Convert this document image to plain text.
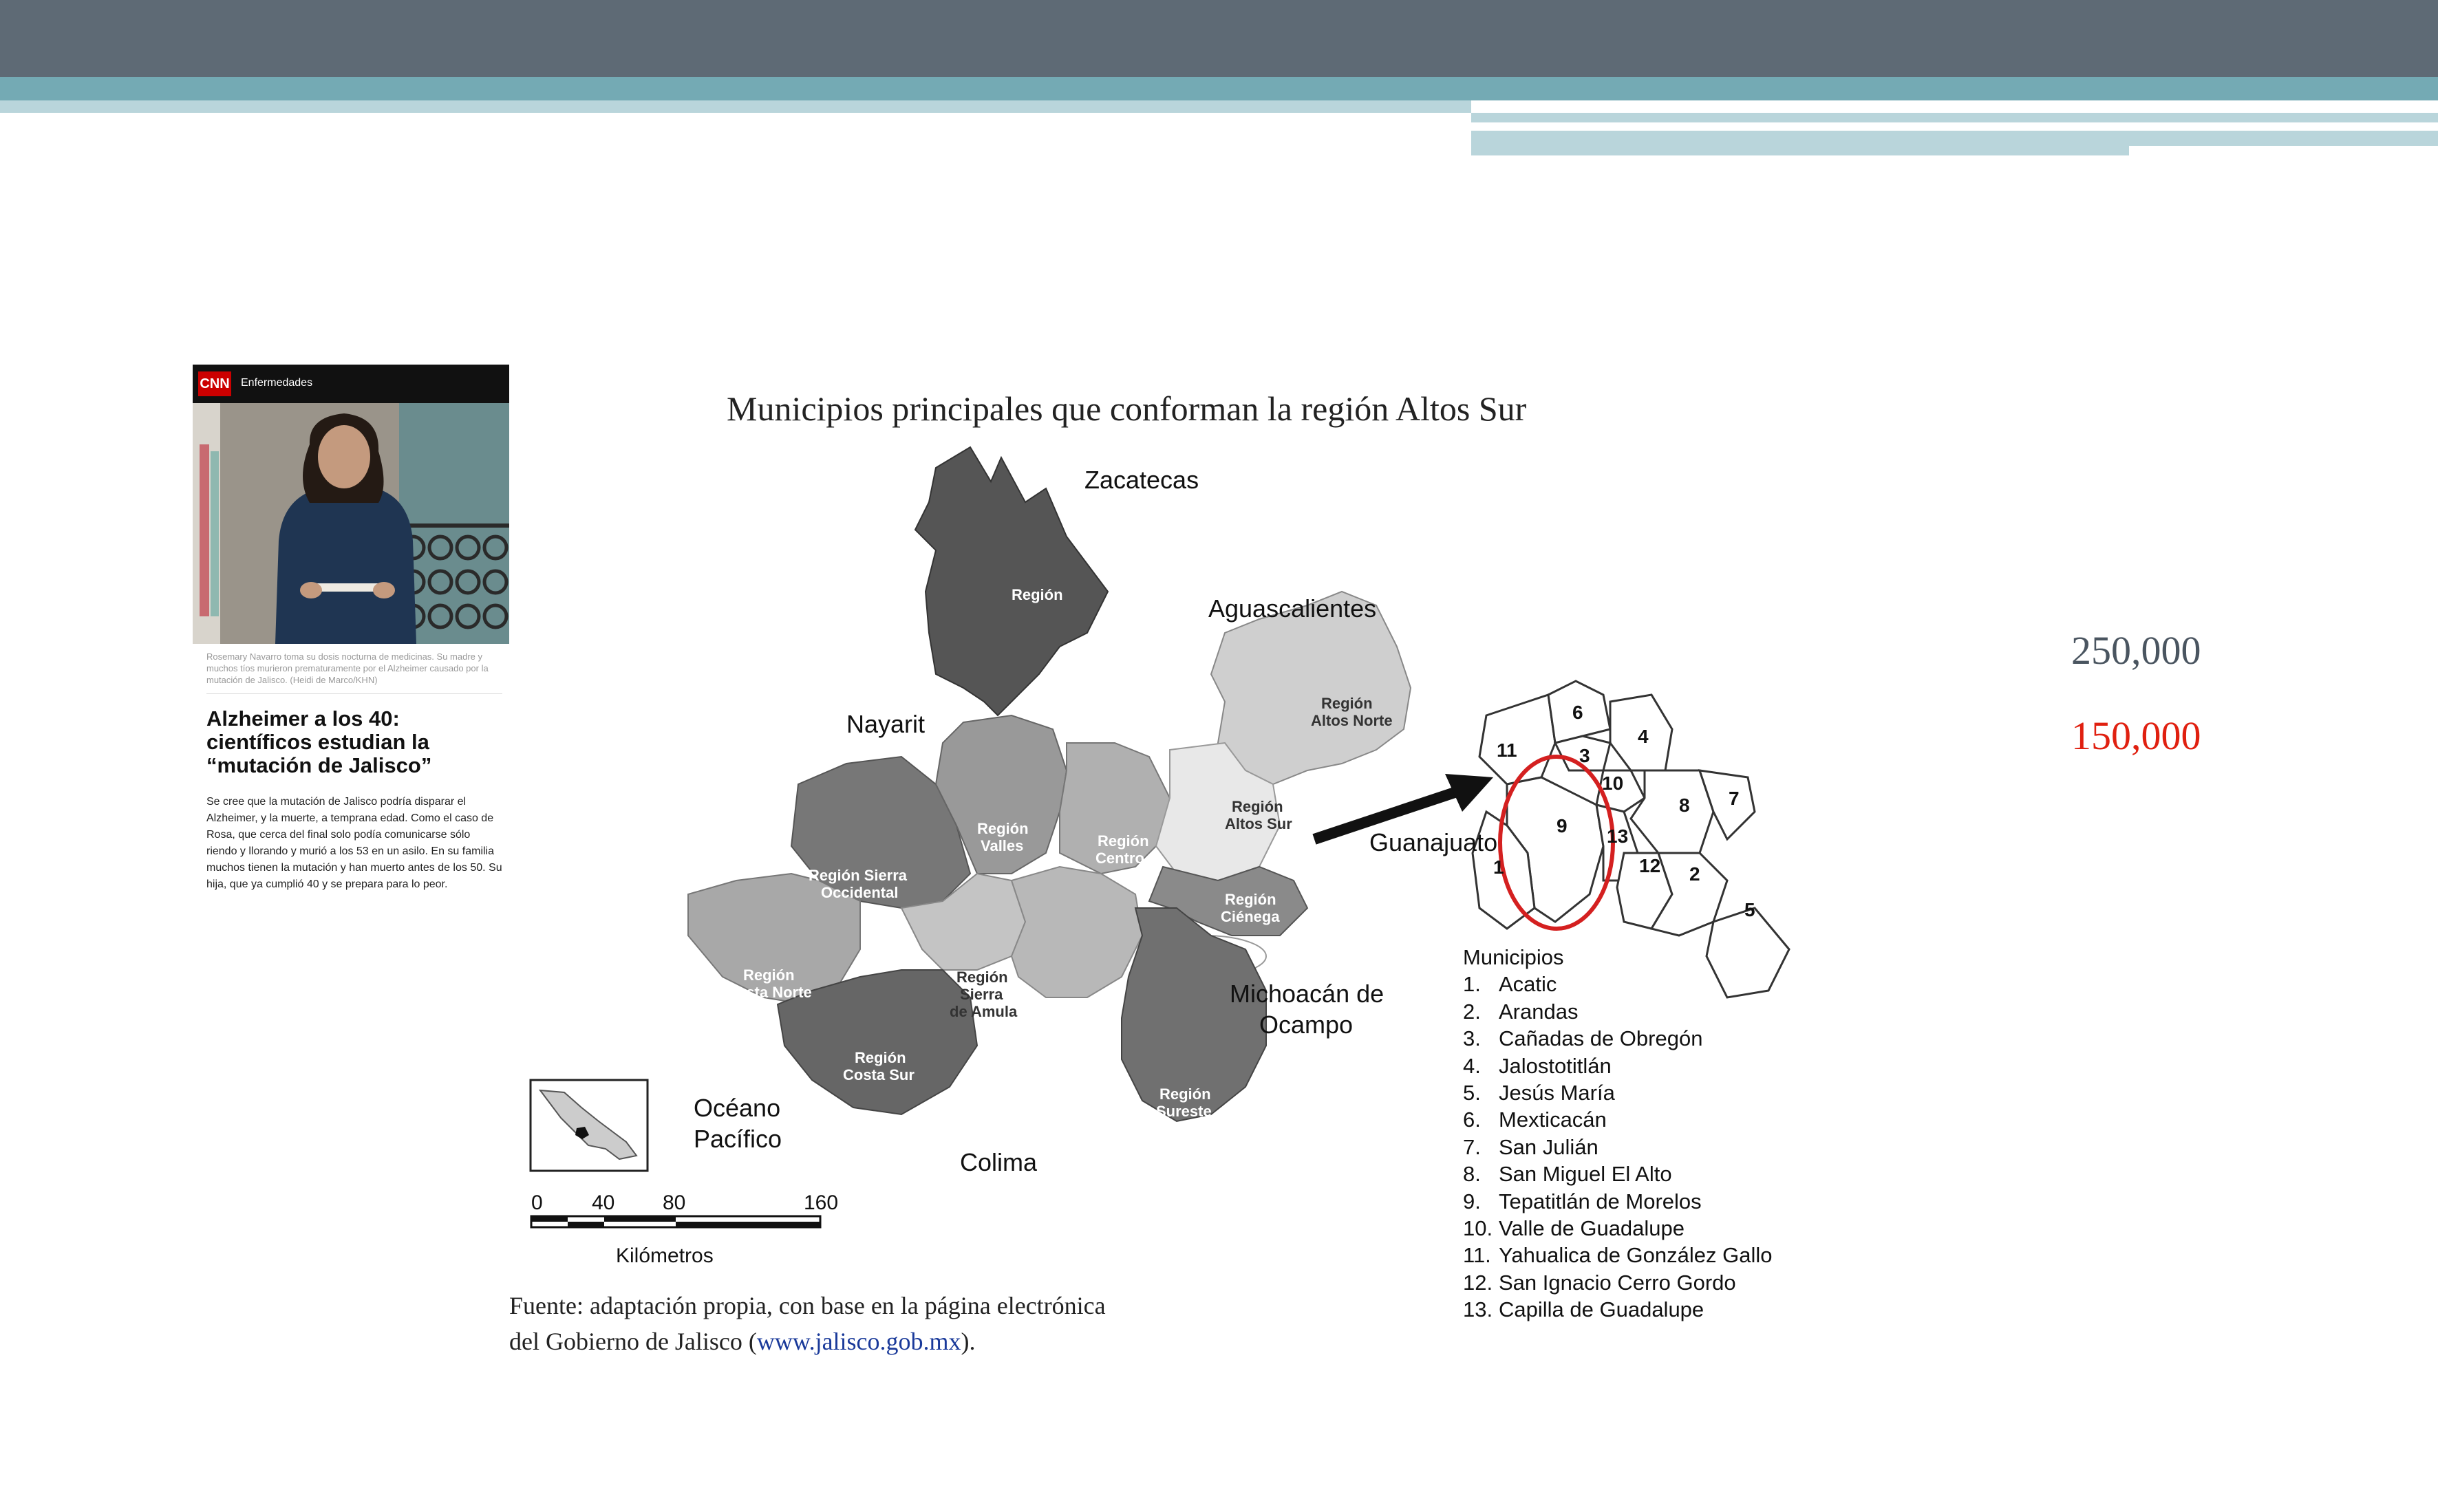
CNN Enfermedades
Rosemary Navarro toma su dosis nocturna de medicinas. Su madre y muchos tíos murieron prematuramente por el Alzheimer causado por la mutación de Jalisco. (Heidi de Marco/KHN)
Alzheimer a los 40: científicos estudian la “mutación de Jalisco”
Se cree que la mutación de Jalisco podría disparar el Alzheimer, y la muerte, a temprana edad. Como el caso de Rosa, que cerca del final solo podía comunicarse sólo riendo y llorando y murió a los 53 en un asilo. En su familia muchos tienen la mutación y han muerto antes de los 50. Su hija, que ya cumplió 40 y se prepara para lo peor.
Municipios principales que conforman la región Altos Sur
11
6
4
3
10
8 7
9 13
1	12 2
5
Zacatecas
Aguascalientes
Nayarit
Guanajuato
Michoacán de
Ocampo
Océano
Pacífico
Colima
Región
Región
Altos Norte
Región
Valles	Región
Centro
Región
Altos Sur
Región Sierra
Occidental	Región
Ciénega
Región
Costa Norte
Región
Sierra
de Amula
Región
Sur
Región
Costa Sur
Región
Sureste
0 40 80	160
Kilómetros
Municipios
1. Acatic
2. Arandas
3. Cañadas de Obregón
4. Jalostotitlán
5. Jesús María
6. Mexticacán
7. San Julián
8. San Miguel El Alto
9. Tepatitlán de Morelos
10. Valle de Guadalupe
11. Yahualica de González Gallo
12. San Ignacio Cerro Gordo
13. Capilla de Guadalupe
Fuente: adaptación propia, con base en la página electrónica
del Gobierno de Jalisco (www.jalisco.gob.mx).
250,000
150,000
